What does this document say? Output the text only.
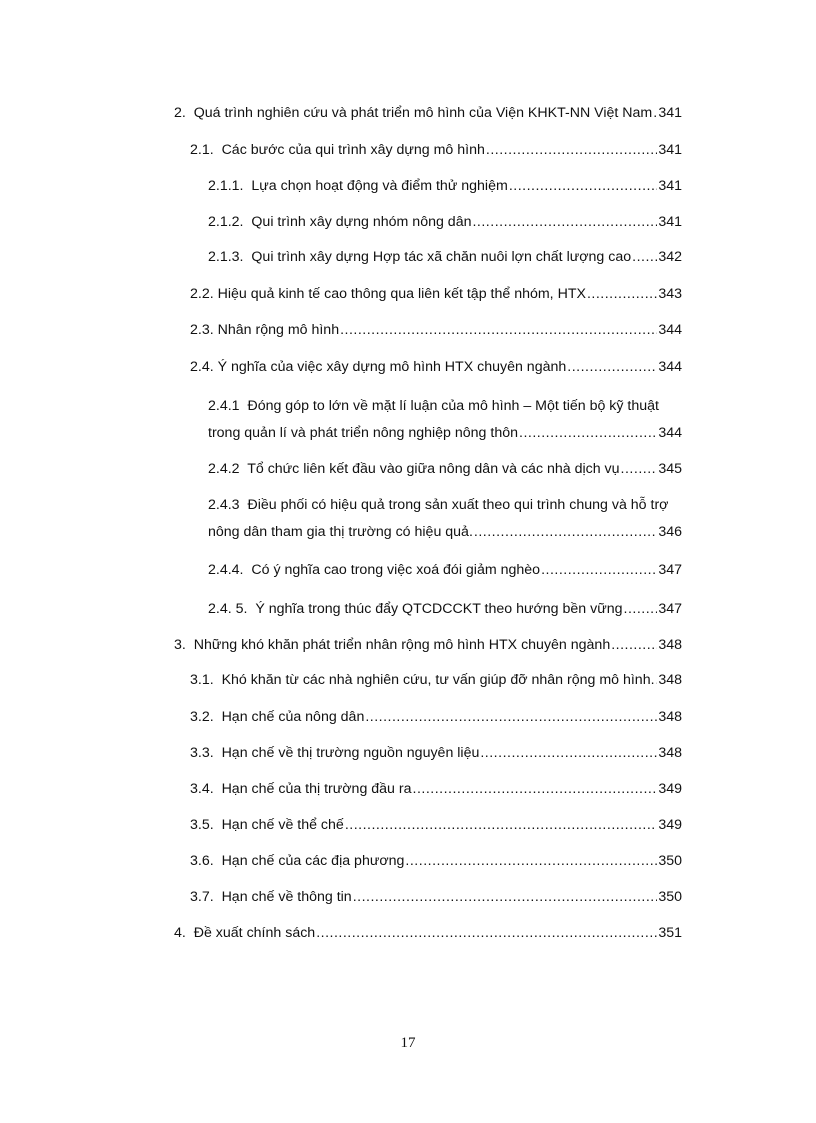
2. Quá trình nghiên cứu và phát triển mô hình của Viện KHKT-NN Việt Nam ..... 341
2.1. Các bước của qui trình xây dựng mô hình .....	341
2.1.1. Lựa chọn hoạt động và điểm thử nghiệm .....	341
2.1.2. Qui trình xây dựng nhóm nông dân .....	341
2.1.3. Qui trình xây dựng Hợp tác xã chăn nuôi lợn chất lượng cao ..... 342
2.2. Hiệu quả kinh tế cao thông qua liên kết tập thể nhóm, HTX .....	343
2.3. Nhân rộng mô hình .....	344
2.4. Ý nghĩa của việc xây dựng mô hình HTX chuyên ngành .....	344
2.4.1 Đóng góp to lớn về mặt lí luận của mô hình – Một tiến bộ kỹ thuật
trong quản lí và phát triển nông nghiệp nông thôn .....	344
2.4.2 Tổ chức liên kết đầu vào giữa nông dân và các nhà dịch vụ .....	345
2.4.3 Điều phối có hiệu quả trong sản xuất theo qui trình chung và hỗ trợ
nông dân tham gia thị trường có hiệu quả. .....	346
2.4.4. Có ý nghĩa cao trong việc xoá đói giảm nghèo .....	347
2.4. 5. Ý nghĩa trong thúc đẩy QTCDCCKT theo hướng bền vững .....	347
3. Những khó khăn phát triển nhân rộng mô hình HTX chuyên ngành .....	348
3.1. Khó khăn từ các nhà nghiên cứu, tư vấn giúp đỡ nhân rộng mô hình. ..... 348
3.2. Hạn chế của nông dân .....	348
3.3. Hạn chế về thị trường nguồn nguyên liệu .....	348
3.4. Hạn chế của thị trường đầu ra .....	349
3.5. Hạn chế về thể chế .....	349
3.6. Hạn chế của các địa phương .....	350
3.7. Hạn chế về thông tin .....	350
4. Đề xuất chính sách .....	351
17
